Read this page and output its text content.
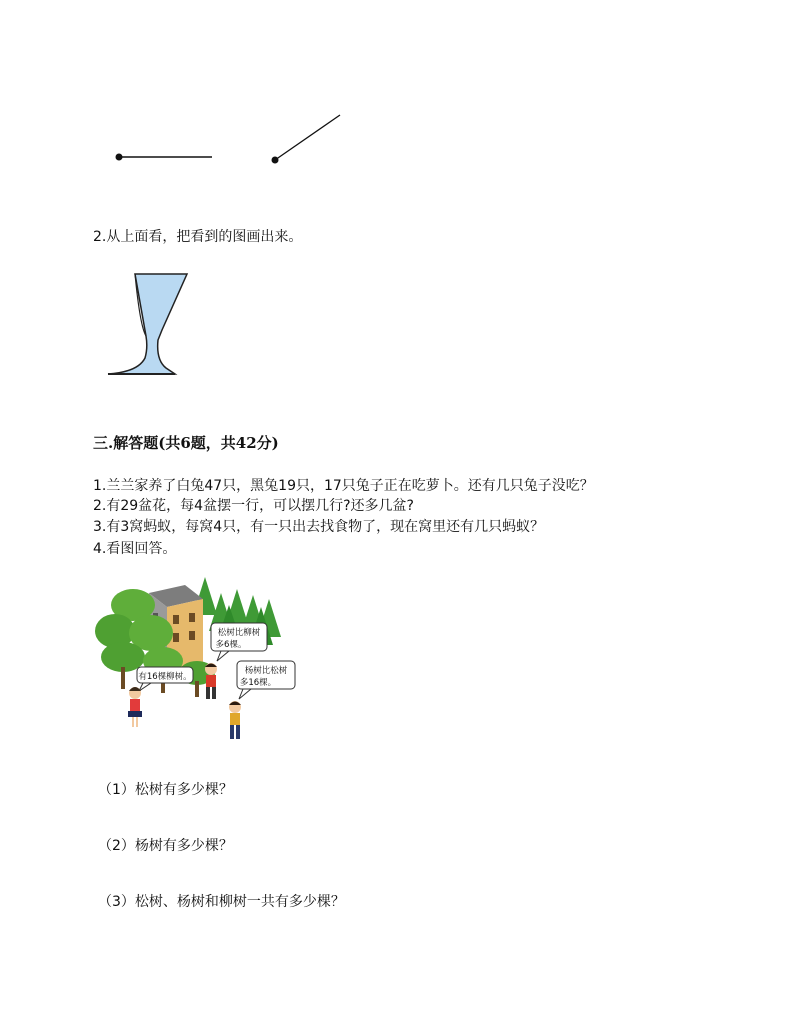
2.从上面看，把看到的图画出来。
三.解答题(共6题，共42分)
1.兰兰家养了白兔47只，黑兔19只，17只兔子正在吃萝卜。还有几只兔子没吃？
2.有29盆花，每4盆摆一行，可以摆几行?还多几盆?
3.有3窝蚂蚁，每窝4只，有一只出去找食物了，现在窝里还有几只蚂蚁？
4.看图回答。
有16棵柳树。
松树比柳树
多6棵。
杨树比松树
多16棵。
（1）松树有多少棵？
（2）杨树有多少棵？
（3）松树、杨树和柳树一共有多少棵？
